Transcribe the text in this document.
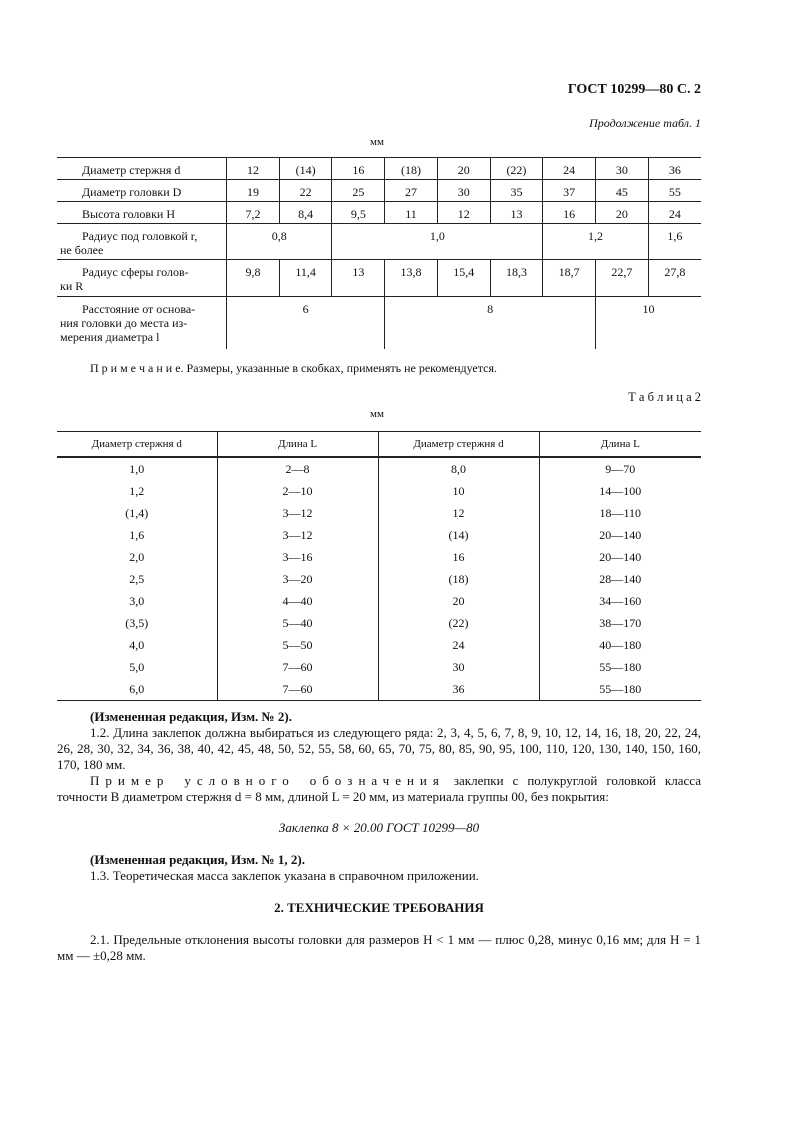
ГОСТ 10299—80 С. 2
Продолжение табл. 1
мм
Диаметр стержня d	12	(14)	16	(18)	20	(22)	24	30	36
Диаметр головки D	19	22	25	27	30	35	37	45	55
Высота головки H	7,2	8,4	9,5	11	12	13	16	20	24

Радиус под головкой r,
не более	0,8		1,0				1,2		1,6

Радиус сферы голов-
ки R	9,8	11,4	13	13,8	15,4	18,3	18,7	22,7	27,8

Расстояние от основа-
ния головки до места из-
мерения диаметра l	6			8				10	
П р и м е ч а н и е. Размеры, указанные в скобках, применять не рекомендуется.
Т а б л и ц а 2
мм
Диаметр стержня d	Длина L	Диаметр стержня d	Длина L
1,0	2—8	8,0	9—70
1,2	2—10	10	14—100
(1,4)	3—12	12	18—110
1,6	3—12	(14)	20—140
2,0	3—16	16	20—140
2,5	3—20	(18)	28—140
3,0	4—40	20	34—160
(3,5)	5—40	(22)	38—170
4,0	5—50	24	40—180
5,0	7—60	30	55—180
6,0	7—60	36	55—180
(Измененная редакция, Изм. № 2).
1.2. Длина заклепок должна выбираться из следующего ряда: 2, 3, 4, 5, 6, 7, 8, 9, 10, 12, 14, 16, 18, 20, 22, 24, 26, 28, 30, 32, 34, 36, 38, 40, 42, 45, 48, 50, 52, 55, 58, 60, 65, 70, 75, 80, 85, 90, 95, 100, 110, 120, 130, 140, 150, 160, 170, 180 мм.
Пример условного обозначения заклепки с полукруглой головкой класса точности В диаметром стержня d = 8 мм, длиной L = 20 мм, из материала группы 00, без покрытия:
Заклепка 8 × 20.00 ГОСТ 10299—80
(Измененная редакция, Изм. № 1, 2).
1.3. Теоретическая масса заклепок указана в справочном приложении.
2. ТЕХНИЧЕСКИЕ ТРЕБОВАНИЯ
2.1. Предельные отклонения высоты головки для размеров H < 1 мм — плюс 0,28, минус 0,16 мм; для H = 1 мм — ±0,28 мм.
